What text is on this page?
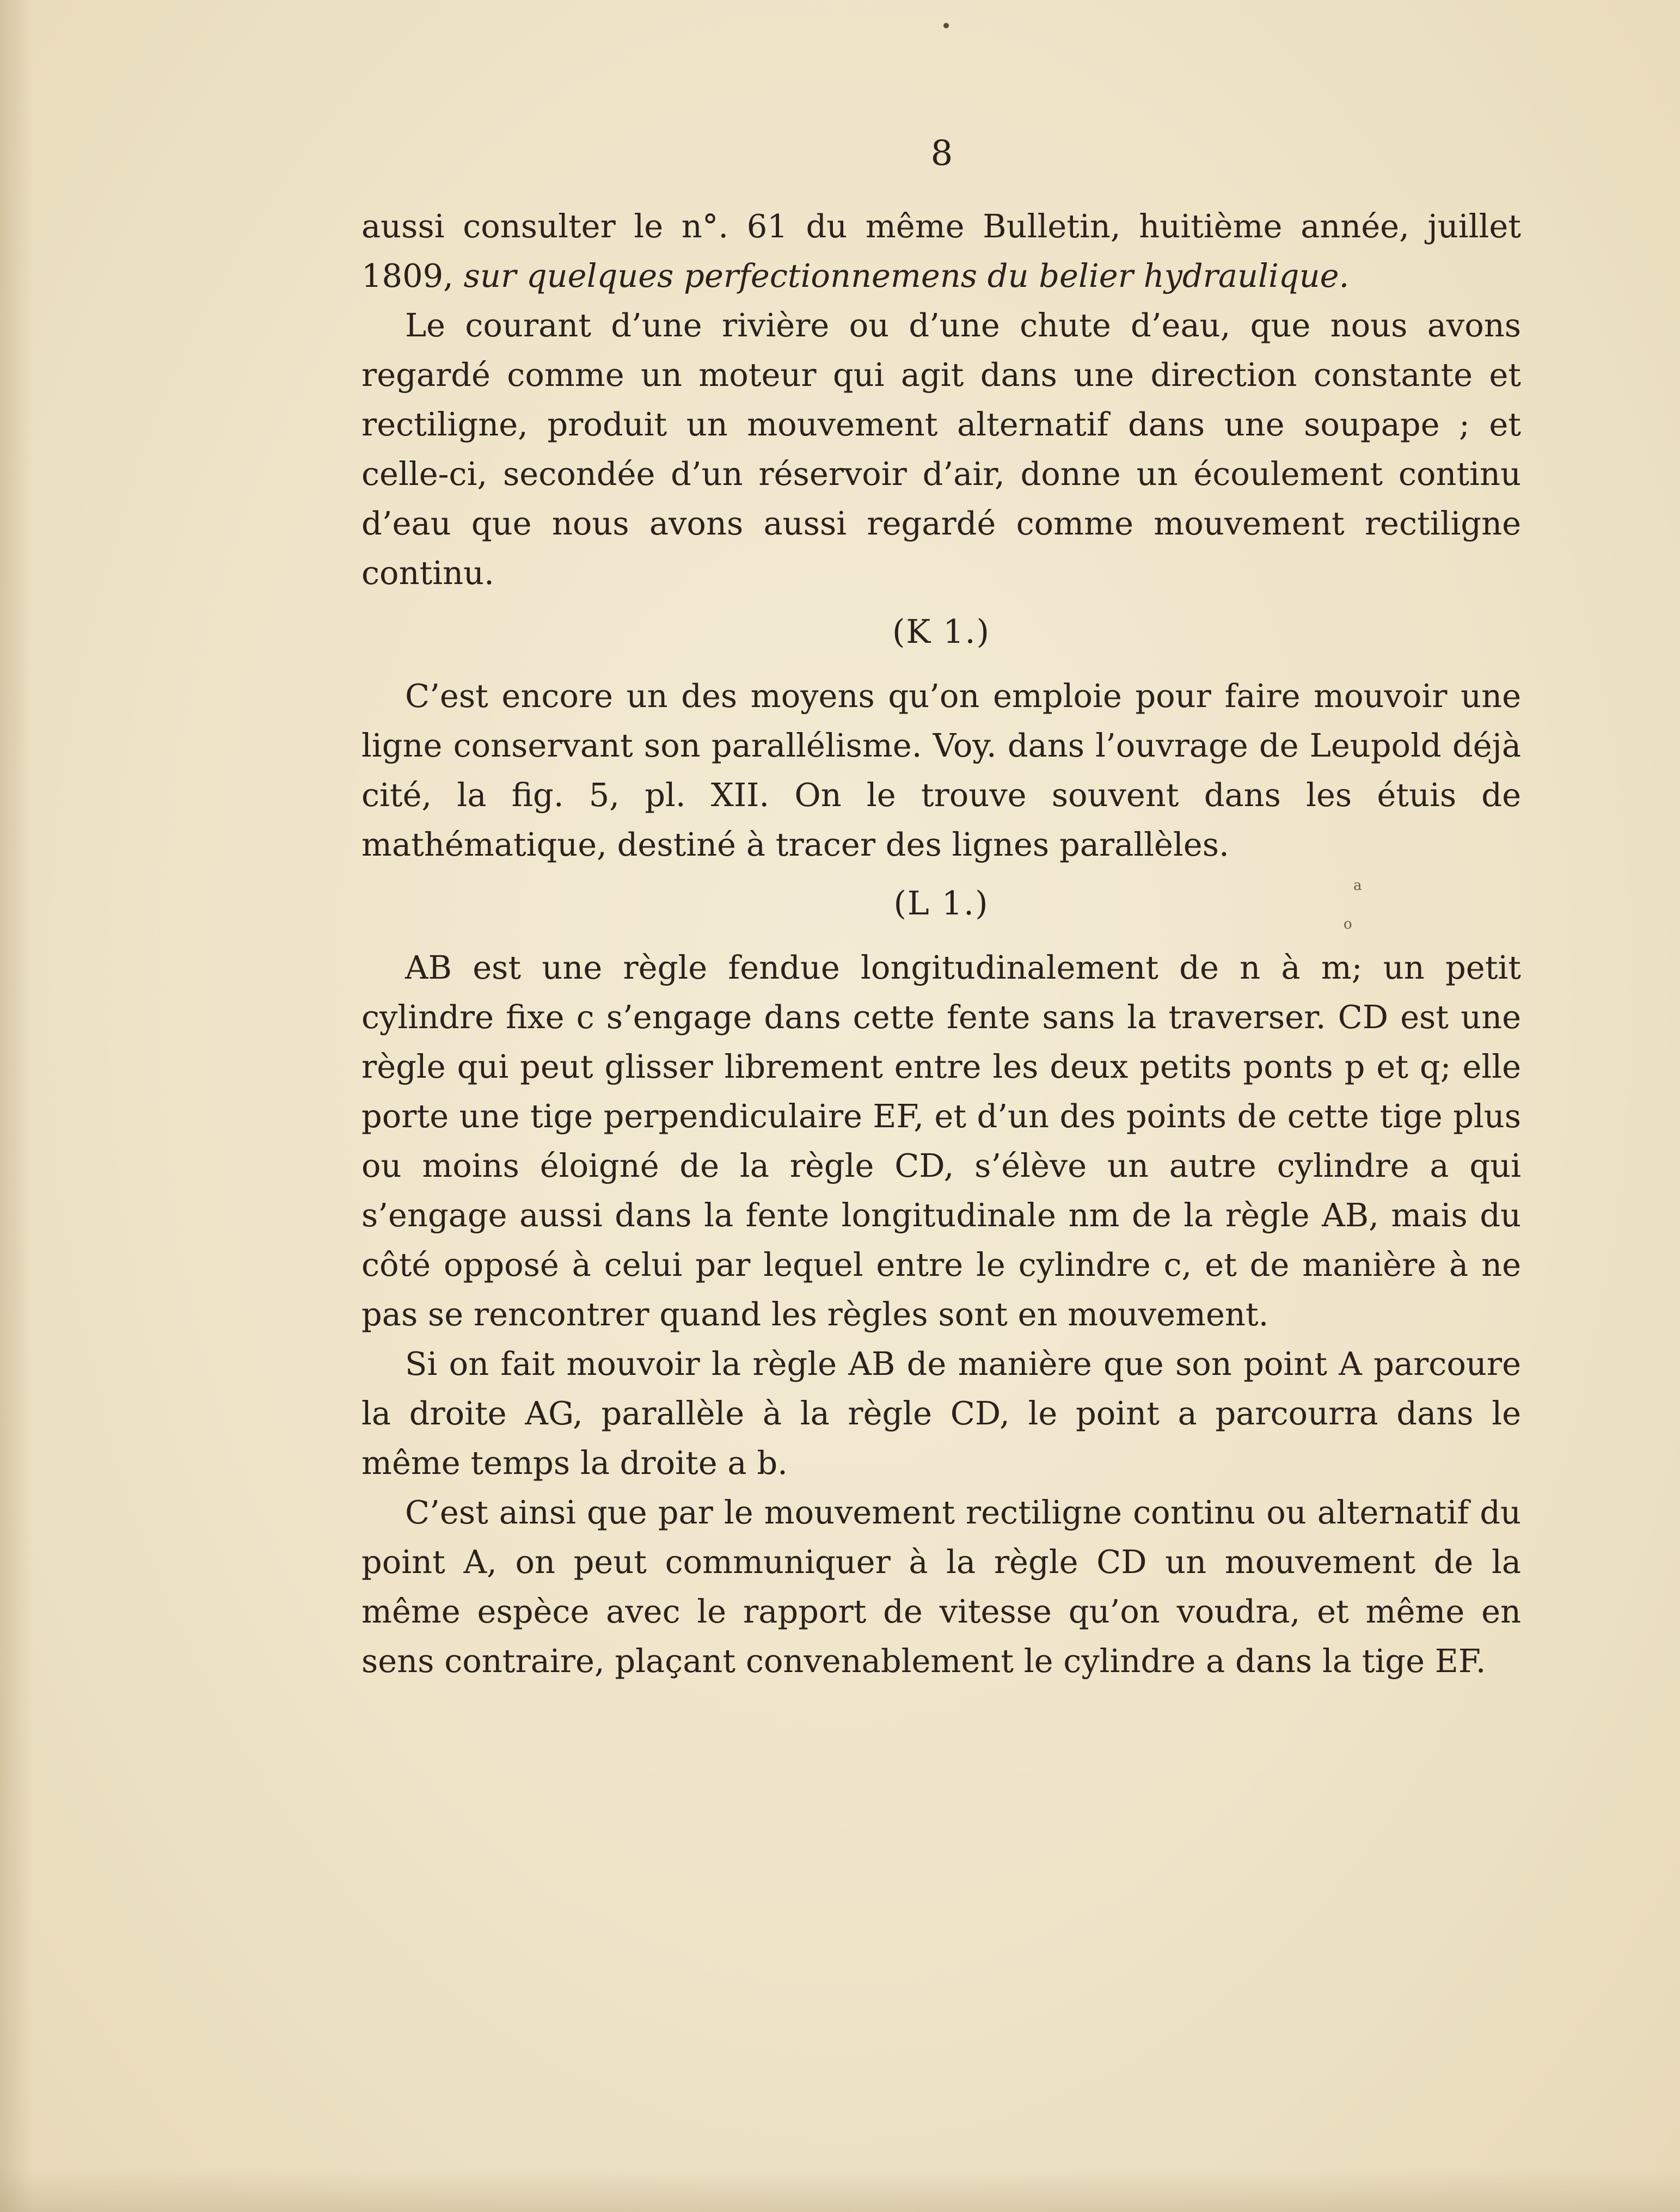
8

aussi consulter le n°. 61 du même Bulletin, huitième année, juillet 1809, sur quelques perfectionnemens du belier hydraulique.

Le courant d’une rivière ou d’une chute d’eau, que nous avons regardé comme un moteur qui agit dans une direction constante et rectiligne, produit un mouvement alternatif dans une soupape ; et celle-ci, secondée d’un réservoir d’air, donne un écoulement continu d’eau que nous avons aussi regardé comme mouvement rectiligne continu.

(K 1.)

C’est encore un des moyens qu’on emploie pour faire mouvoir une ligne conservant son parallélisme. Voy. dans l’ouvrage de Leupold déjà cité, la fig. 5, pl. XII. On le trouve souvent dans les étuis de mathématique, destiné à tracer des lignes parallèles.

(L 1.)

AB est une règle fendue longitudinalement de n à m; un petit cylindre fixe c s’engage dans cette fente sans la traverser. CD est une règle qui peut glisser librement entre les deux petits ponts p et q; elle porte une tige perpendiculaire EF, et d’un des points de cette tige plus ou moins éloigné de la règle CD, s’élève un autre cylindre a qui s’engage aussi dans la fente longitudinale nm de la règle AB, mais du côté opposé à celui par lequel entre le cylindre c, et de manière à ne pas se rencontrer quand les règles sont en mouvement.

Si on fait mouvoir la règle AB de manière que son point A parcoure la droite AG, parallèle à la règle CD, le point a parcourra dans le même temps la droite a b.

C’est ainsi que par le mouvement rectiligne continu ou alternatif du point A, on peut communiquer à la règle CD un mouvement de la même espèce avec le rapport de vitesse qu’on voudra, et même en sens contraire, plaçant convenablement le cylindre a dans la tige EF.

a
o
